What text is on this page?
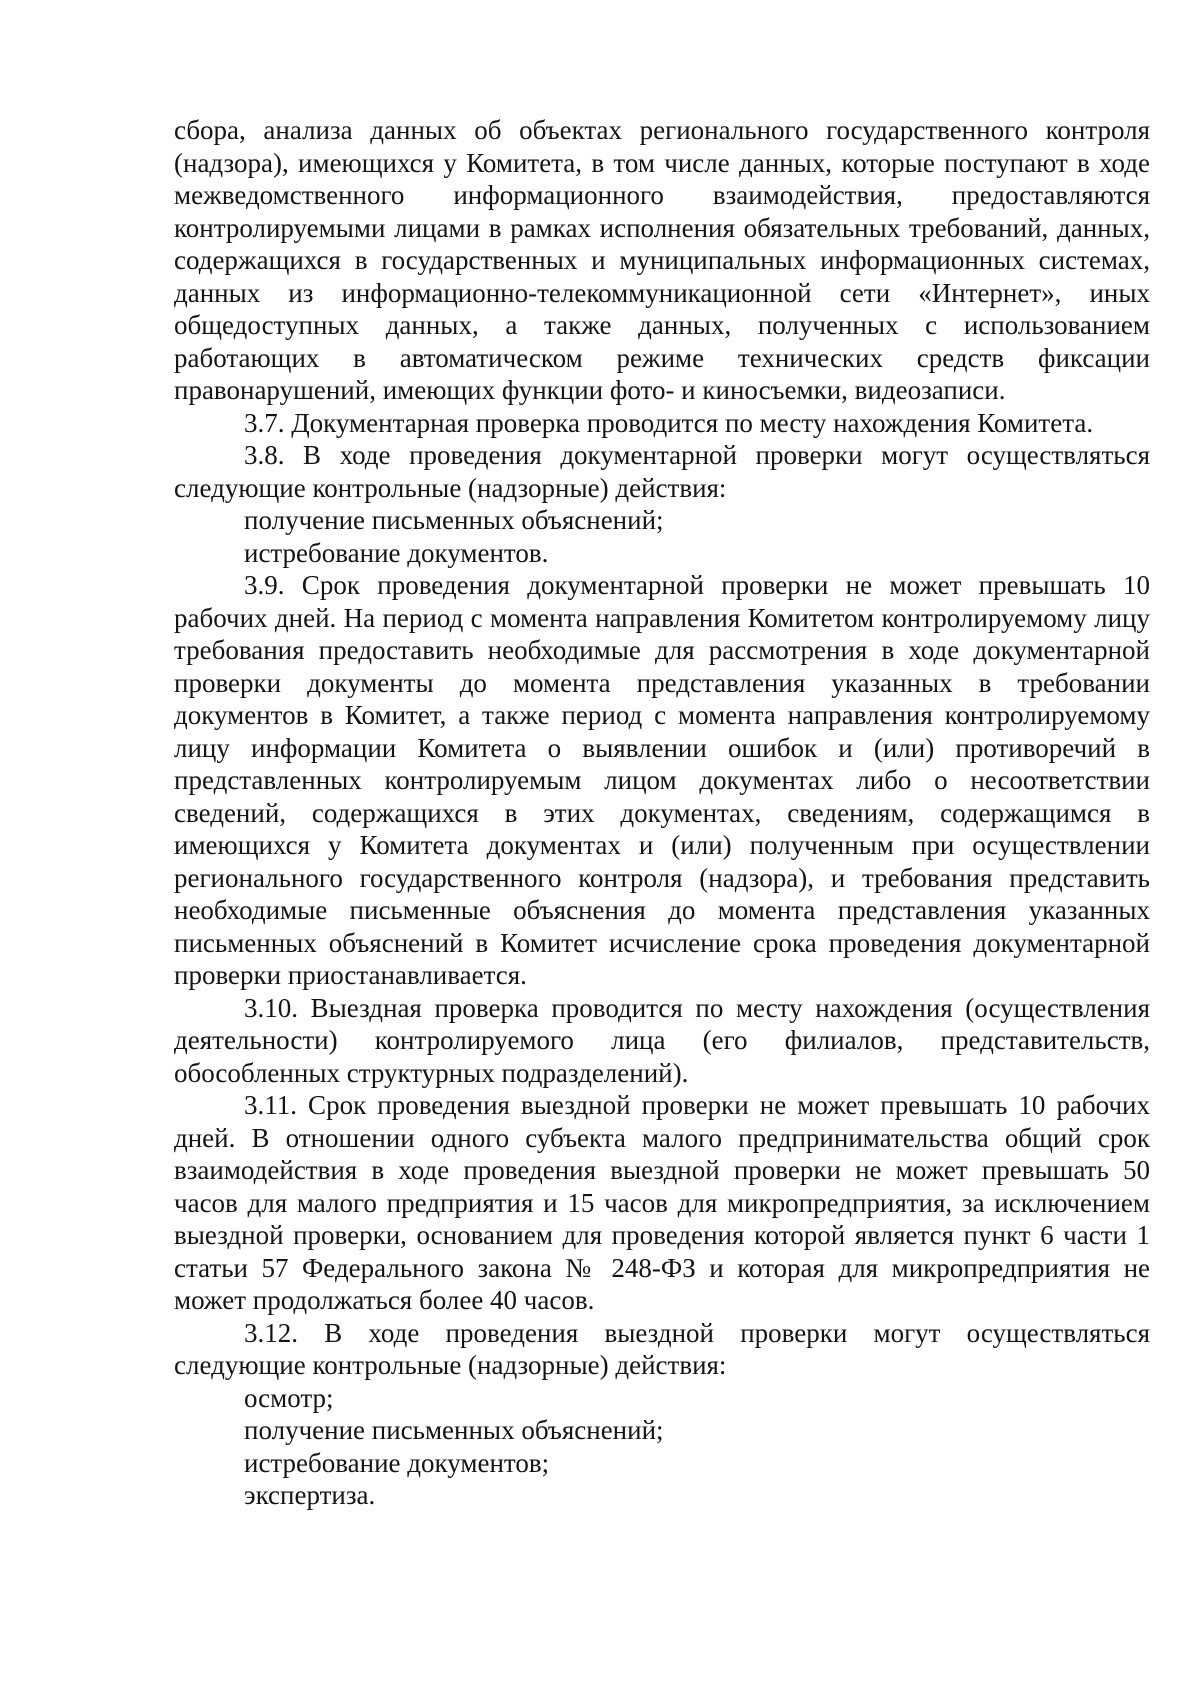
сбора, анализа данных об объектах регионального государственного контроля (надзора), имеющихся у Комитета, в том числе данных, которые поступают в ходе межведомственного информационного взаимодействия, предоставляются контролируемыми лицами в рамках исполнения обязательных требований, данных, содержащихся в государственных и муниципальных информационных системах, данных из информационно-телекоммуникационной сети «Интернет», иных общедоступных данных, а также данных, полученных с использованием работающих в автоматическом режиме технических средств фиксации правонарушений, имеющих функции фото- и киносъемки, видеозаписи.

3.7. Документарная проверка проводится по месту нахождения Комитета.

3.8. В ходе проведения документарной проверки могут осуществляться следующие контрольные (надзорные) действия:

получение письменных объяснений;

истребование документов.

3.9. Срок проведения документарной проверки не может превышать 10 рабочих дней. На период с момента направления Комитетом контролируемому лицу требования предоставить необходимые для рассмотрения в ходе документарной проверки документы до момента представления указанных в требовании документов в Комитет, а также период с момента направления контролируемому лицу информации Комитета о выявлении ошибок и (или) противоречий в представленных контролируемым лицом документах либо о несоответствии сведений, содержащихся в этих документах, сведениям, содержащимся в имеющихся у Комитета документах и (или) полученным при осуществлении регионального государственного контроля (надзора), и требования представить необходимые письменные объяснения до момента представления указанных письменных объяснений в Комитет исчисление срока проведения документарной проверки приостанавливается.

3.10. Выездная проверка проводится по месту нахождения (осуществления деятельности) контролируемого лица (его филиалов, представительств, обособленных структурных подразделений).

3.11. Срок проведения выездной проверки не может превышать 10 рабочих дней. В отношении одного субъекта малого предпринимательства общий срок взаимодействия в ходе проведения выездной проверки не может превышать 50 часов для малого предприятия и 15 часов для микропредприятия, за исключением выездной проверки, основанием для проведения которой является пункт 6 части 1 статьи 57 Федерального закона № 248-ФЗ и которая для микропредприятия не может продолжаться более 40 часов.

3.12. В ходе проведения выездной проверки могут осуществляться следующие контрольные (надзорные) действия:

осмотр;

получение письменных объяснений;

истребование документов;

экспертиза.
